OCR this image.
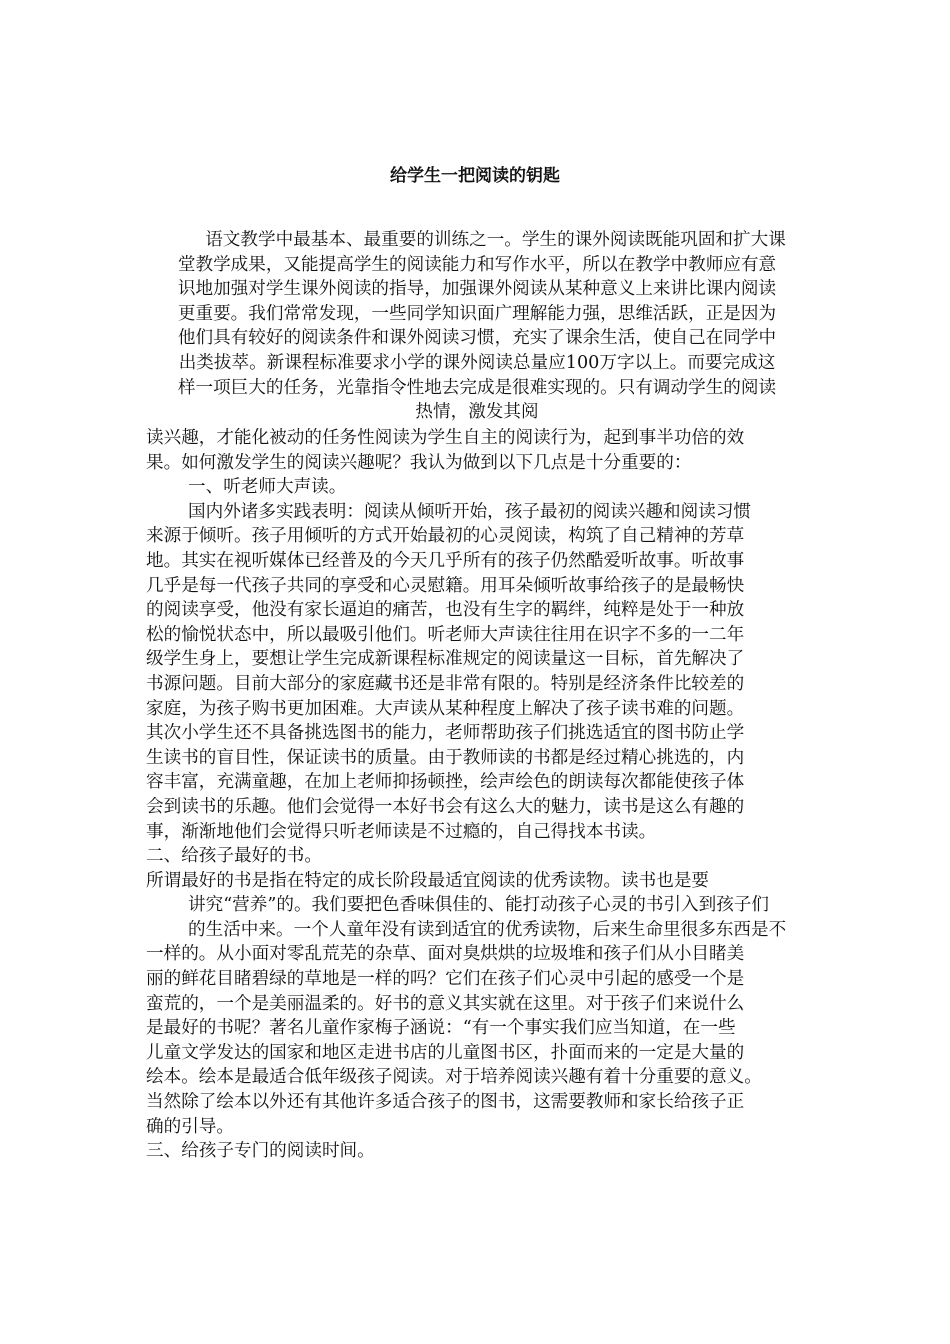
给学生一把阅读的钥匙

语文教学中最基本、最重要的训练之一。学生的课外阅读既能巩固和扩大课
堂教学成果，又能提高学生的阅读能力和写作水平，所以在教学中教师应有意
识地加强对学生课外阅读的指导，加强课外阅读从某种意义上来讲比课内阅读
更重要。我们常常发现，一些同学知识面广理解能力强，思维活跃，正是因为
他们具有较好的阅读条件和课外阅读习惯，充实了课余生活，使自己在同学中
出类拔萃。新课程标准要求小学的课外阅读总量应100万字以上。而要完成这
样一项巨大的任务，光靠指令性地去完成是很难实现的。只有调动学生的阅读
热情，激发其阅

读兴趣，才能化被动的任务性阅读为学生自主的阅读行为，起到事半功倍的效
果。如何激发学生的阅读兴趣呢？我认为做到以下几点是十分重要的：
一、听老师大声读。
国内外诸多实践表明：阅读从倾听开始，孩子最初的阅读兴趣和阅读习惯
来源于倾听。孩子用倾听的方式开始最初的心灵阅读，构筑了自己精神的芳草
地。其实在视听媒体已经普及的今天几乎所有的孩子仍然酷爱听故事。听故事
几乎是每一代孩子共同的享受和心灵慰籍。用耳朵倾听故事给孩子的是最畅快
的阅读享受，他没有家长逼迫的痛苦，也没有生字的羁绊，纯粹是处于一种放
松的愉悦状态中，所以最吸引他们。听老师大声读往往用在识字不多的一二年
级学生身上，要想让学生完成新课程标准规定的阅读量这一目标，首先解决了
书源问题。目前大部分的家庭藏书还是非常有限的。特别是经济条件比较差的
家庭，为孩子购书更加困难。大声读从某种程度上解决了孩子读书难的问题。
其次小学生还不具备挑选图书的能力，老师帮助孩子们挑选适宜的图书防止学
生读书的盲目性，保证读书的质量。由于教师读的书都是经过精心挑选的，内
容丰富，充满童趣，在加上老师抑扬顿挫，绘声绘色的朗读每次都能使孩子体
会到读书的乐趣。他们会觉得一本好书会有这么大的魅力，读书是这么有趣的
事，渐渐地他们会觉得只听老师读是不过瘾的，自己得找本书读。
二、给孩子最好的书。
所谓最好的书是指在特定的成长阶段最适宜阅读的优秀读物。读书也是要
讲究“营养”的。我们要把色香味俱佳的、能打动孩子心灵的书引入到孩子们
的生活中来。一个人童年没有读到适宜的优秀读物，后来生命里很多东西是不
一样的。从小面对零乱荒芜的杂草、面对臭烘烘的垃圾堆和孩子们从小目睹美
丽的鲜花目睹碧绿的草地是一样的吗？它们在孩子们心灵中引起的感受一个是
蛮荒的，一个是美丽温柔的。好书的意义其实就在这里。对于孩子们来说什么
是最好的书呢？著名儿童作家梅子涵说：“有一个事实我们应当知道，在一些
儿童文学发达的国家和地区走进书店的儿童图书区，扑面而来的一定是大量的
绘本。绘本是最适合低年级孩子阅读。对于培养阅读兴趣有着十分重要的意义。
当然除了绘本以外还有其他许多适合孩子的图书，这需要教师和家长给孩子正
确的引导。
三、给孩子专门的阅读时间。
